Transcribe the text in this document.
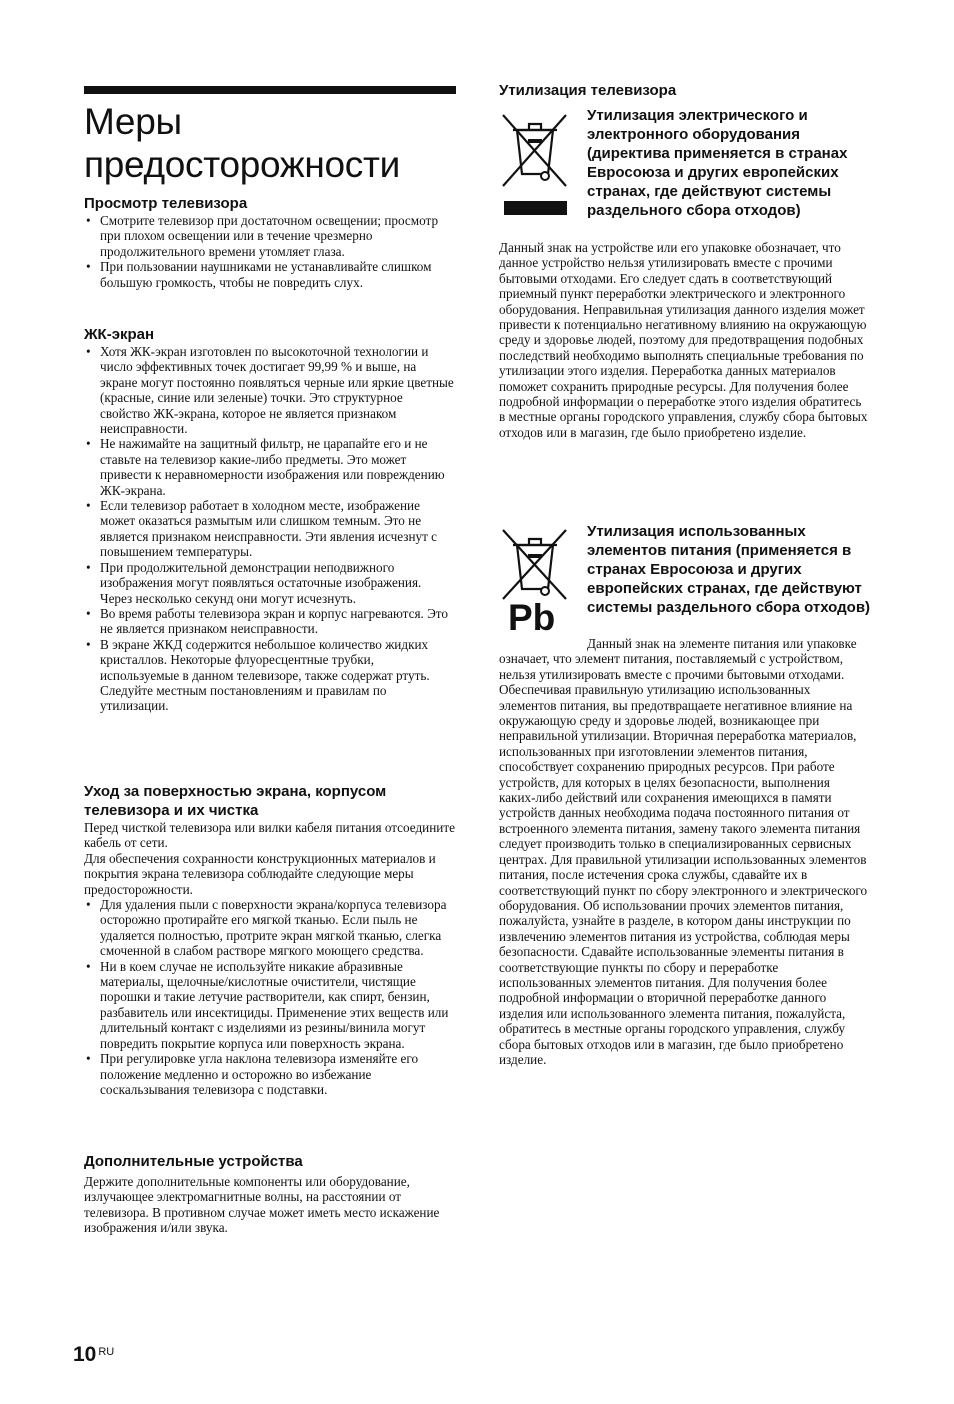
Меры
предосторожности
Просмотр телевизора
• Смотрите телевизор при достаточном освещении; просмотр при плохом освещении или в течение чрезмерно продолжительного времени утомляет глаза.
• При пользовании наушниками не устанавливайте слишком большую громкость, чтобы не повредить слух.
ЖК-экран
• Хотя ЖК-экран изготовлен по высокоточной технологии и число эффективных точек достигает 99,99 % и выше, на экране могут постоянно появляться черные или яркие цветные (красные, синие или зеленые) точки. Это структурное свойство ЖК-экрана, которое не является признаком неисправности.
• Не нажимайте на защитный фильтр, не царапайте его и не ставьте на телевизор какие-либо предметы. Это может привести к неравномерности изображения или повреждению ЖК-экрана.
• Если телевизор работает в холодном месте, изображение может оказаться размытым или слишком темным. Это не является признаком неисправности. Эти явления исчезнут с повышением температуры.
• При продолжительной демонстрации неподвижного изображения могут появляться остаточные изображения. Через несколько секунд они могут исчезнуть.
• Во время работы телевизора экран и корпус нагреваются. Это не является признаком неисправности.
• В экране ЖКД содержится небольшое количество жидких кристаллов. Некоторые флуоресцентные трубки, используемые в данном телевизоре, также содержат ртуть. Следуйте местным постановлениям и правилам по утилизации.
Уход за поверхностью экрана, корпусом телевизора и их чистка

Перед чисткой телевизора или вилки кабеля питания отсоедините кабель от сети.

Для обеспечения сохранности конструкционных материалов и покрытия экрана телевизора соблюдайте следующие меры предосторожности.

• Для удаления пыли с поверхности экрана/корпуса телевизора осторожно протирайте его мягкой тканью. Если пыль не удаляется полностью, протрите экран мягкой тканью, слегка смоченной в слабом растворе мягкого моющего средства.
• Ни в коем случае не используйте никакие абразивные материалы, щелочные/кислотные очистители, чистящие порошки и такие летучие растворители, как спирт, бензин, разбавитель или инсектициды. Применение этих веществ или длительный контакт с изделиями из резины/винила могут повредить покрытие корпуса или поверхность экрана.
• При регулировке угла наклона телевизора изменяйте его положение медленно и осторожно во избежание соскальзывания телевизора с подставки.
Дополнительные устройства

Держите дополнительные компоненты или оборудование, излучающее электромагнитные волны, на расстоянии от телевизора. В противном случае может иметь место искажение изображения и/или звука.

10 $_{RU}$
Утилизация телевизора

Утилизация электрического и электронного оборудования (директива применяется в странах Евросоюза и других европейских странах, где действуют системы раздельного сбора отходов)

Данный знак на устройстве или его упаковке обозначает, что данное устройство нельзя утилизировать вместе с прочими бытовыми отходами. Его следует сдать в соответствующий приемный пункт переработки электрического и электронного оборудования. Неправильная утилизация данного изделия может привести к потенциально негативному влиянию на окружающую среду и здоровье людей, поэтому для предотвращения подобных последствий необходимо выполнять специальные требования по утилизации этого изделия. Переработка данных материалов поможет сохранить природные ресурсы. Для получения более подробной информации о переработке этого изделия обратитесь в местные органы городского управления, службу сбора бытовых отходов или в магазин, где было приобретено изделие.

Pb

Утилизация использованных элементов питания (применяется в странах Евросоюза и других европейских странах, где действуют системы раздельного сбора отходов)

Данный знак на элементе питания или упаковке означает, что элемент питания, поставляемый с устройством, нельзя утилизировать вместе с прочими бытовыми отходами. Обеспечивая правильную утилизацию использованных элементов питания, вы предотвращаете негативное влияние на окружающую среду и здоровье людей, возникающее при неправильной утилизации. Вторичная переработка материалов, использованных при изготовлении элементов питания, способствует сохранению природных ресурсов. При работе устройств, для которых в целях безопасности, выполнения каких-либо действий или сохранения имеющихся в памяти устройств данных необходима подача постоянного питания от встроенного элемента питания, замену такого элемента питания следует производить только в специализированных сервисных центрах. Для правильной утилизации использованных элементов питания, после истечения срока службы, сдавайте их в соответствующий пункт по сбору электронного и электрического оборудования. Об использовании прочих элементов питания, пожалуйста, узнайте в разделе, в котором даны инструкции по извлечению элементов питания из устройства, соблюдая меры безопасности. Сдавайте использованные элементы питания в соответствующие пункты по сбору и переработке использованных элементов питания. Для получения более подробной информации о вторичной переработке данного изделия или использованного элемента питания, пожалуйста, обратитесь в местные органы городского управления, службу сбора бытовых отходов или в магазин, где было приобретено изделие.
